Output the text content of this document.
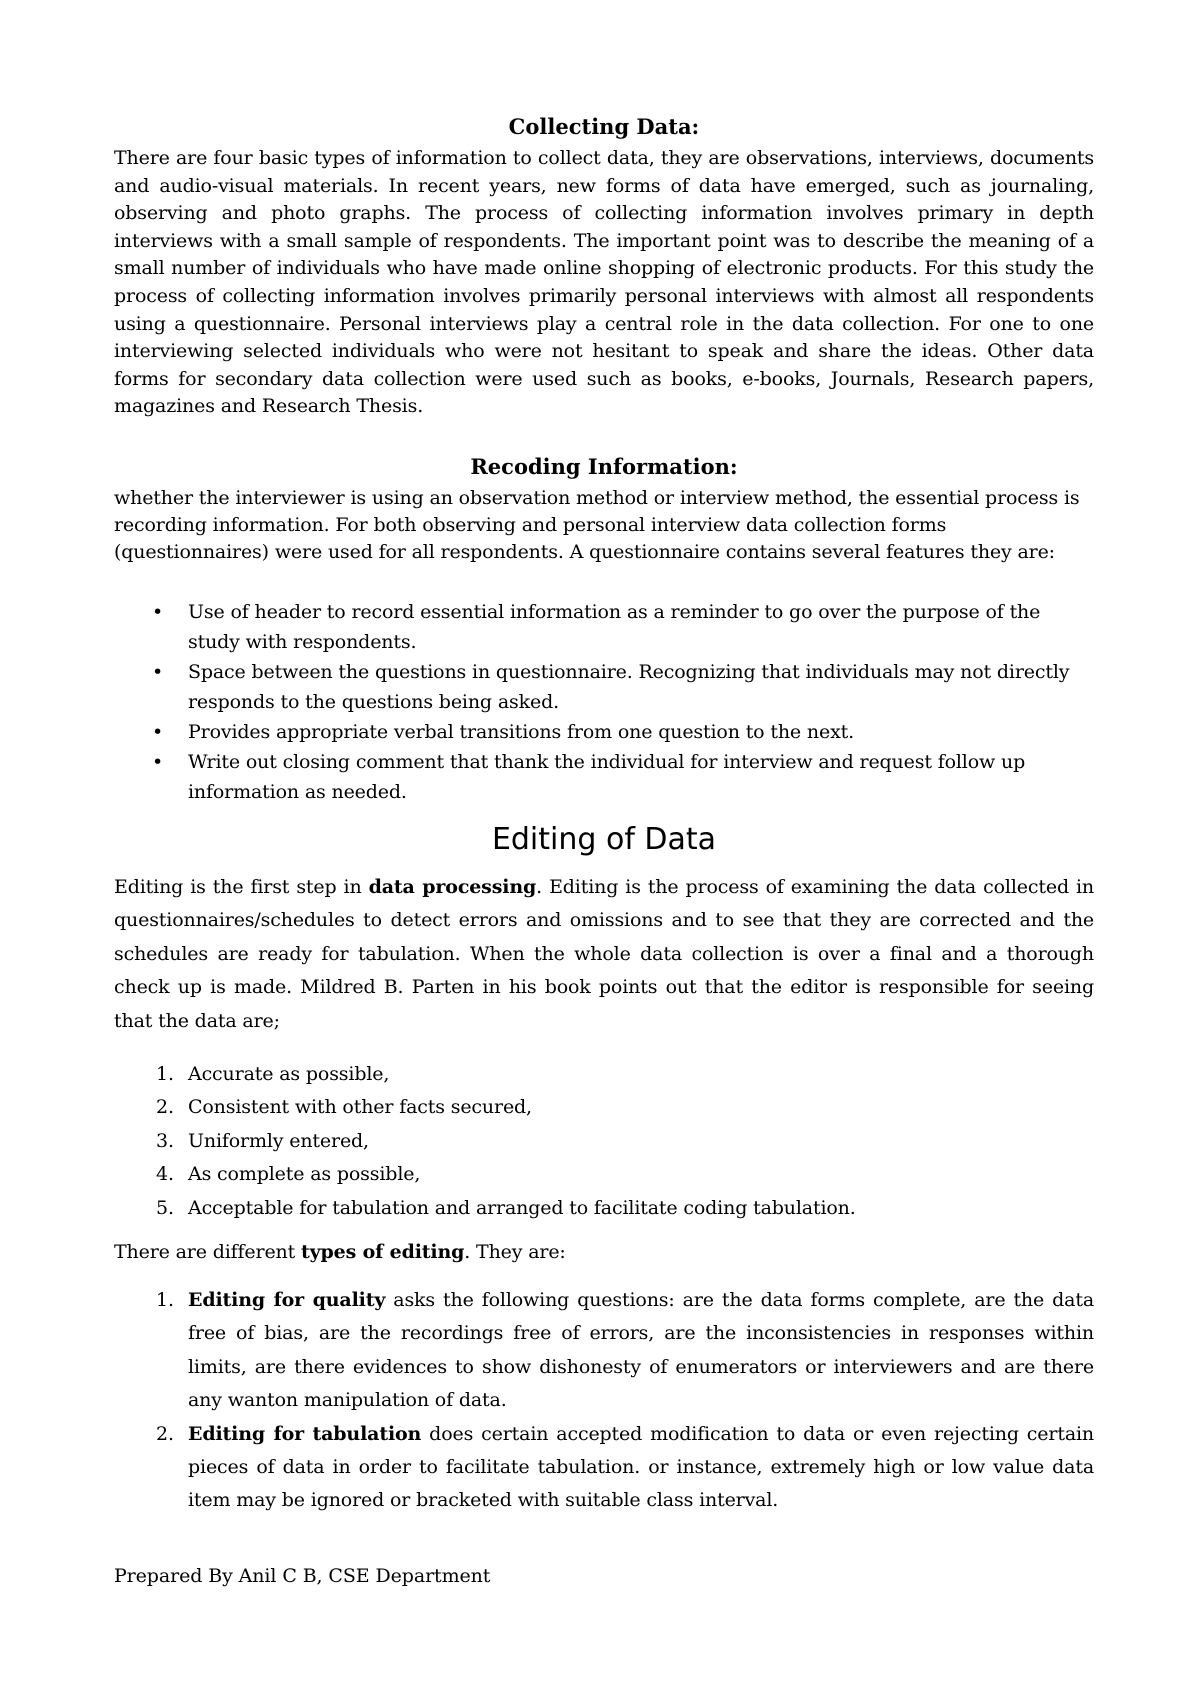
Collecting Data:
There are four basic types of information to collect data, they are observations, interviews, documents and audio-visual materials. In recent years, new forms of data have emerged, such as journaling, observing and photo graphs. The process of collecting information involves primary in depth interviews with a small sample of respondents. The important point was to describe the meaning of a small number of individuals who have made online shopping of electronic products. For this study the process of collecting information involves primarily personal interviews with almost all respondents using a questionnaire. Personal interviews play a central role in the data collection. For one to one interviewing selected individuals who were not hesitant to speak and share the ideas. Other data forms for secondary data collection were used such as books, e-books, Journals, Research papers, magazines and Research Thesis.
Recoding Information:
whether the interviewer is using an observation method or interview method, the essential process is recording information. For both observing and personal interview data collection forms (questionnaires) were used for all respondents. A questionnaire contains several features they are:
• Use of header to record essential information as a reminder to go over the purpose of the study with respondents.
• Space between the questions in questionnaire. Recognizing that individuals may not directly responds to the questions being asked.
• Provides appropriate verbal transitions from one question to the next.
• Write out closing comment that thank the individual for interview and request follow up information as needed.
Editing of Data
Editing is the first step in data processing. Editing is the process of examining the data collected in questionnaires/schedules to detect errors and omissions and to see that they are corrected and the schedules are ready for tabulation. When the whole data collection is over a final and a thorough check up is made. Mildred B. Parten in his book points out that the editor is responsible for seeing that the data are;
1. Accurate as possible,
2. Consistent with other facts secured,
3. Uniformly entered,
4. As complete as possible,
5. Acceptable for tabulation and arranged to facilitate coding tabulation.
There are different types of editing. They are:
1. Editing for quality asks the following questions: are the data forms complete, are the data free of bias, are the recordings free of errors, are the inconsistencies in responses within limits, are there evidences to show dishonesty of enumerators or interviewers and are there any wanton manipulation of data.
2. Editing for tabulation does certain accepted modification to data or even rejecting certain pieces of data in order to facilitate tabulation. or instance, extremely high or low value data item may be ignored or bracketed with suitable class interval.
Prepared By Anil C B, CSE Department
